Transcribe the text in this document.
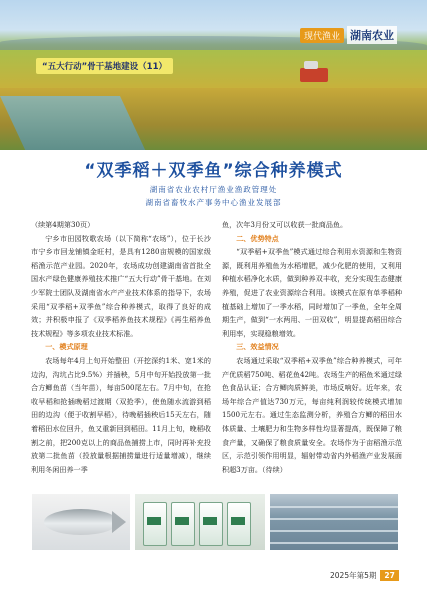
现代渔业 湖南农业
“五大行动”骨干基地建设（11）
“双季稻＋双季鱼”综合种养模式
湖南省农业农村厅渔业渔政管理处
湖南省畜牧水产事务中心渔业发展部

（续第4期第30页）

宁乡市田园牧歌农场（以下简称“农场”），位于长沙市宁乡市回龙铺镇金旺村，是具有1280亩规模的国家级稻渔示范产业园。2020年，农场成功创建湖南省首批全国水产绿色健康养殖技术推广“五大行动”骨干基地。在刘少军院士团队及湖南省水产产业技术体系的指导下，农场采用“双季稻+双季鱼”综合种养模式，取得了良好的成效；并积极申报了《双季稻养鱼技术规程》《再生稻养鱼技术规程》等多项农业技术标准。

一、模式原理

农场每年4月上旬开始整田（开挖深约1米、宽1米的边沟，沟坑占比9.5%）并插秧，5月中旬开始投放第一批合方鲫鱼苗（当年苗），每亩500尾左右。7月中旬，在抢收早稻和抢插晚稻过渡期（双抢季），使鱼随水流游到稻田的边沟（便于收割早稻），待晚稻插秧后15天左右，随着稻田水位回升，鱼又重新回到稻田。11月上旬，晚稻收割之前，把200克以上的商品鱼捕捞上市，同时再补充投放第二批鱼苗（投放量根据捕捞量进行适量增减），继续利用冬闲田养一季

鱼，次年3月份又可以收获一批商品鱼。

二、优势特点

“双季稻+双季鱼”模式通过综合利用水资源和生物资源，既利用养殖鱼为水稻增肥，减少化肥的使用，又利用种植水稻净化水质，做到种养双丰收，充分实现生态健康养殖，促进了农业资源综合利用。该模式在原有单季稻种植基础上增加了一季水稻，同时增加了一季鱼，全年全周期生产，做到“一水两用、一田双收”，明显提高稻田综合利用率，实现稳粮增效。

三、效益情况

农场通过采取“双季稻+双季鱼”综合种养模式，可年产优质稻750吨、稻花鱼42吨。农场生产的稻鱼米通过绿色食品认证；合方鲫肉质鲜美，市场反响好。近年来，农场年综合产值达730万元，每亩纯利润较传统模式增加1500元左右。通过生态监测分析，养殖合方鲫的稻田水体质量、土壤肥力和生物多样性均显著提高，既保障了粮食产量，又确保了粮食质量安全。农场作为于亩稻渔示范区，示范引领作用明显，辐射带动省内外稻渔产业发展面积超3万亩。（待续）

2025年第5期	27
